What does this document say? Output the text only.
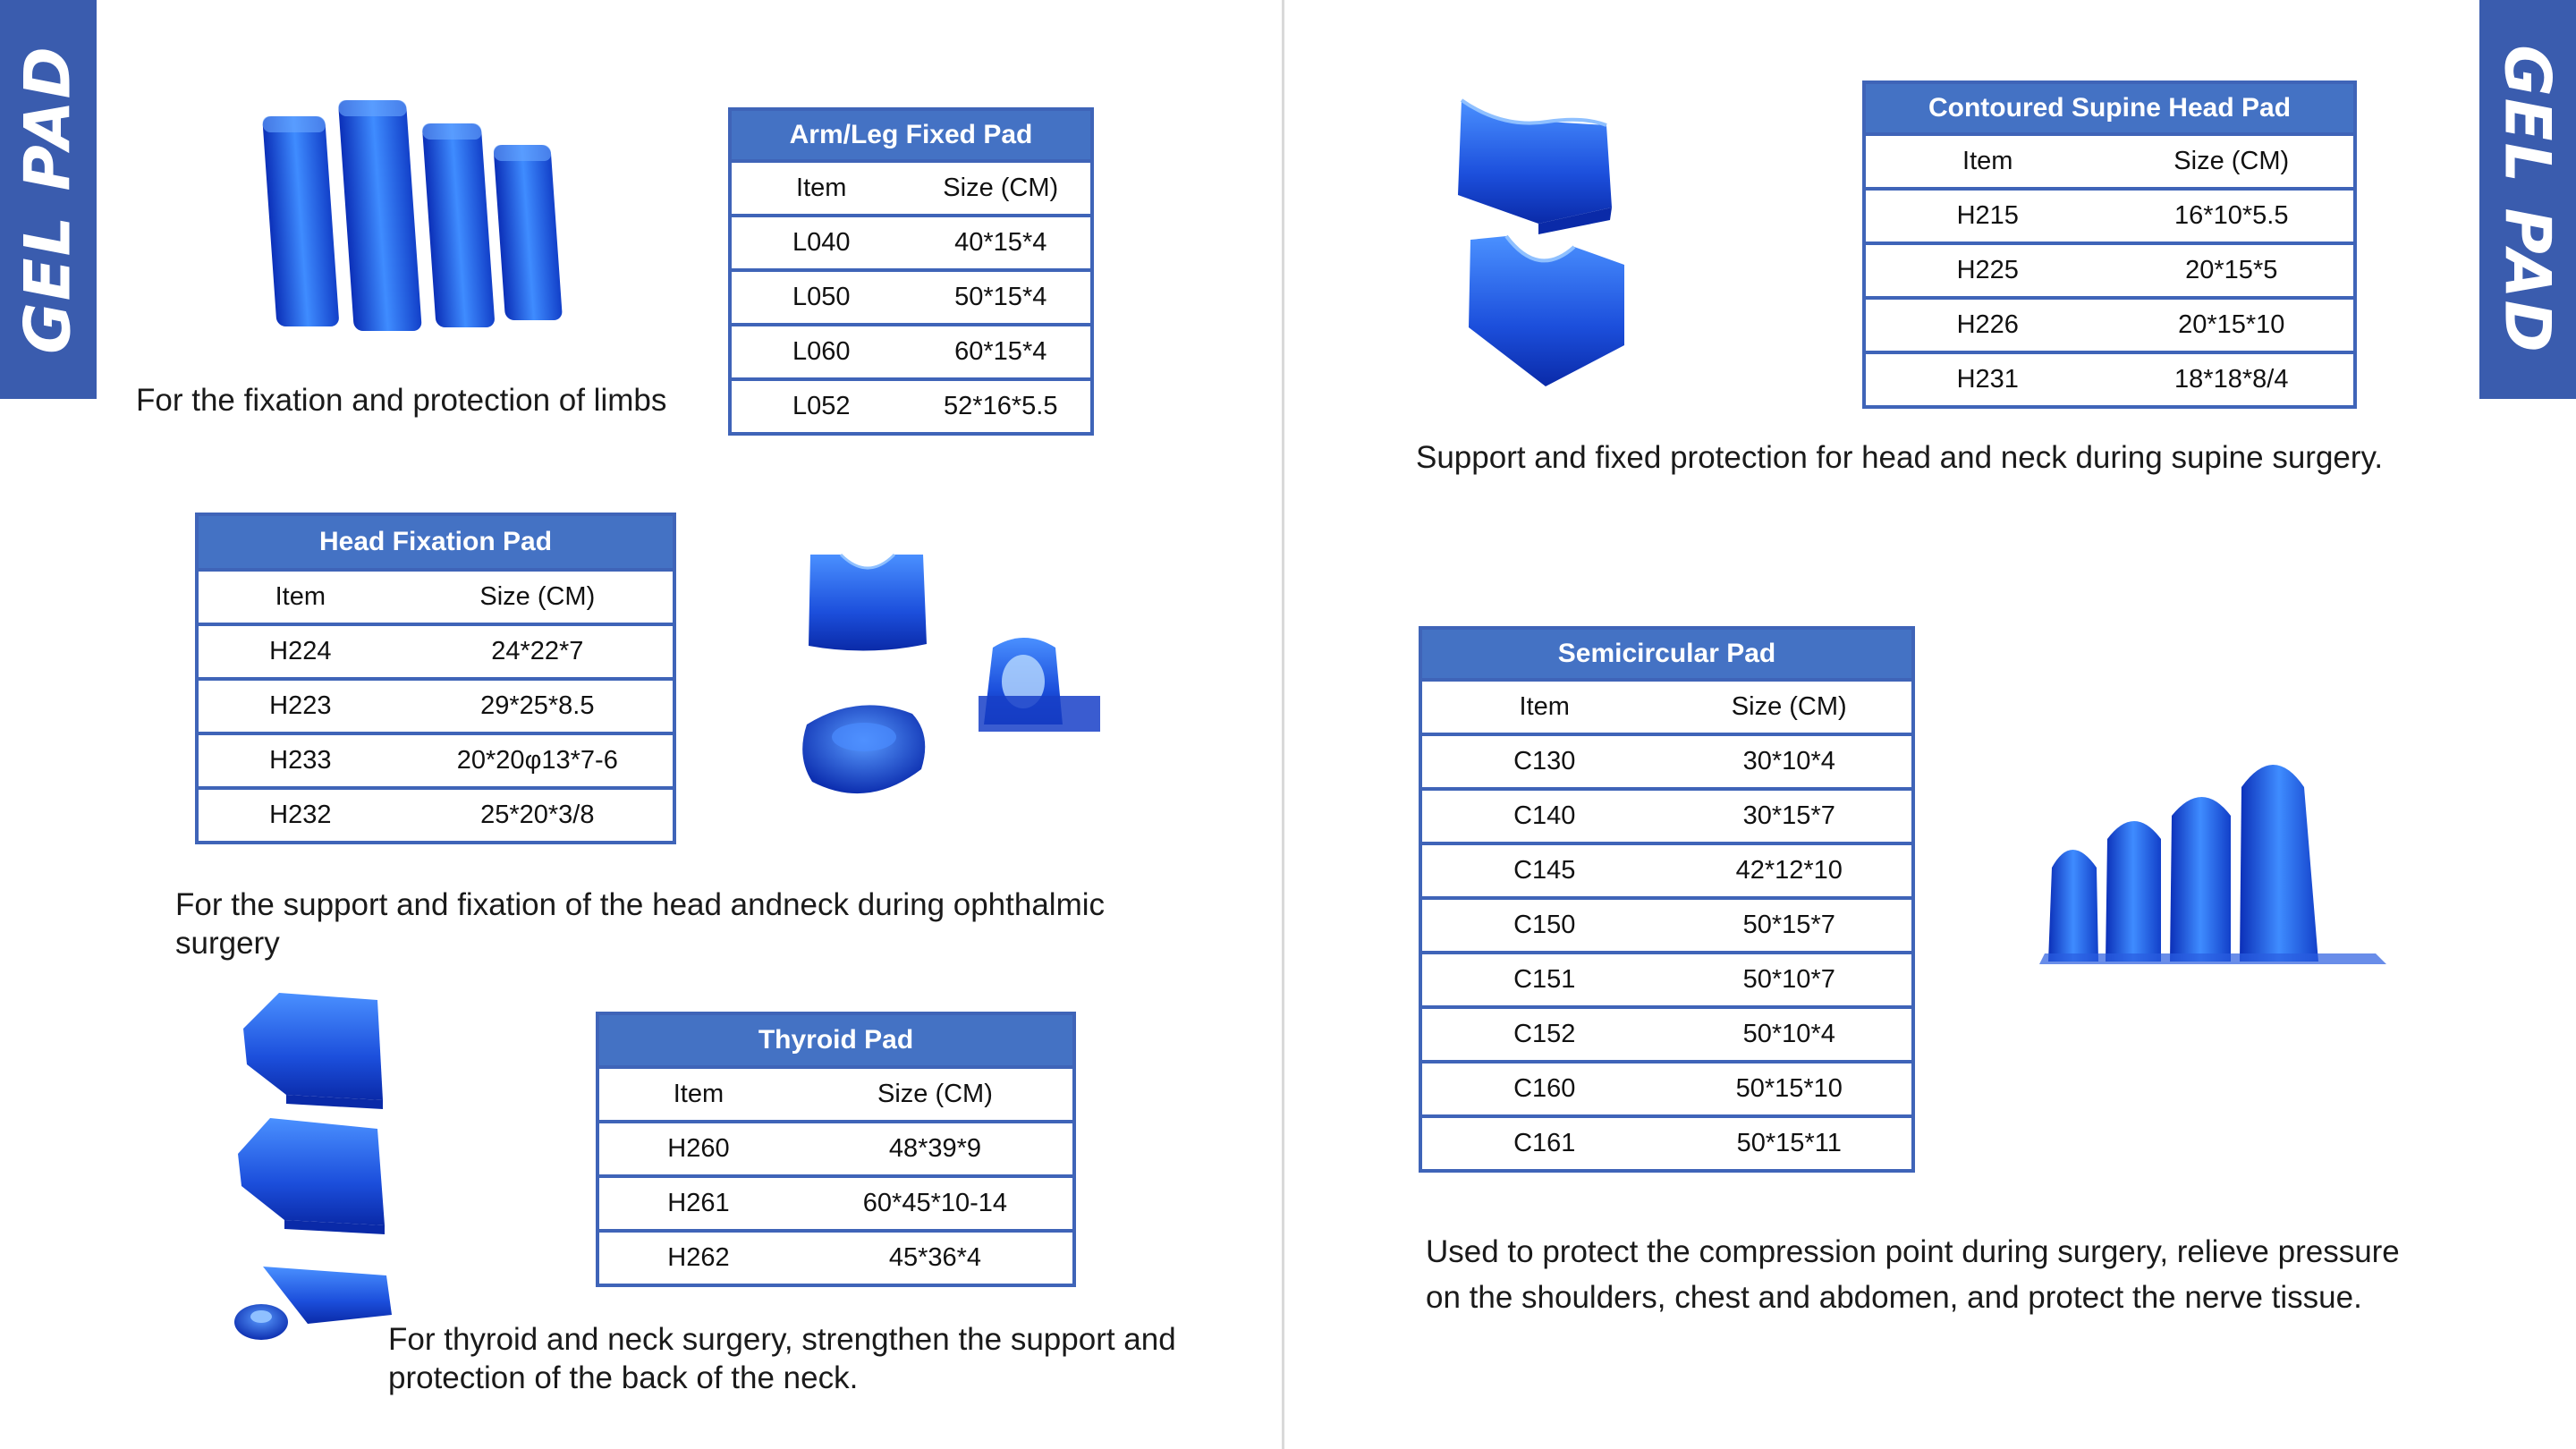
GEL PAD	GEL PAD
Arm/Leg Fixed Pad	
Item	Size (CM)
L040	40*15*4
L050	50*15*4
L060	60*15*4
L052	52*16*5.5
For the fixation and protection of limbs
Head Fixation Pad	
Item	Size (CM)
H224	24*22*7
H223	29*25*8.5
H233	20*20φ13*7-6
H232	25*20*3/8
For the support and fixation of the head andneck during ophthalmic
surgery
Thyroid Pad	
Item	Size (CM)
H260	48*39*9
H261	60*45*10-14
H262	45*36*4
For thyroid and neck surgery, strengthen the support and
protection of the back of the neck.
Contoured Supine Head Pad	
Item	Size (CM)
H215	16*10*5.5
H225	20*15*5
H226	20*15*10
H231	18*18*8/4
Support and fixed protection for head and neck during supine surgery.
Semicircular Pad	
Item	Size (CM)
C130	30*10*4
C140	30*15*7
C145	42*12*10
C150	50*15*7
C151	50*10*7
C152	50*10*4
C160	50*15*10
C161	50*15*11
Used to protect the compression point during surgery, relieve pressure
on the shoulders, chest and abdomen, and protect the nerve tissue.
